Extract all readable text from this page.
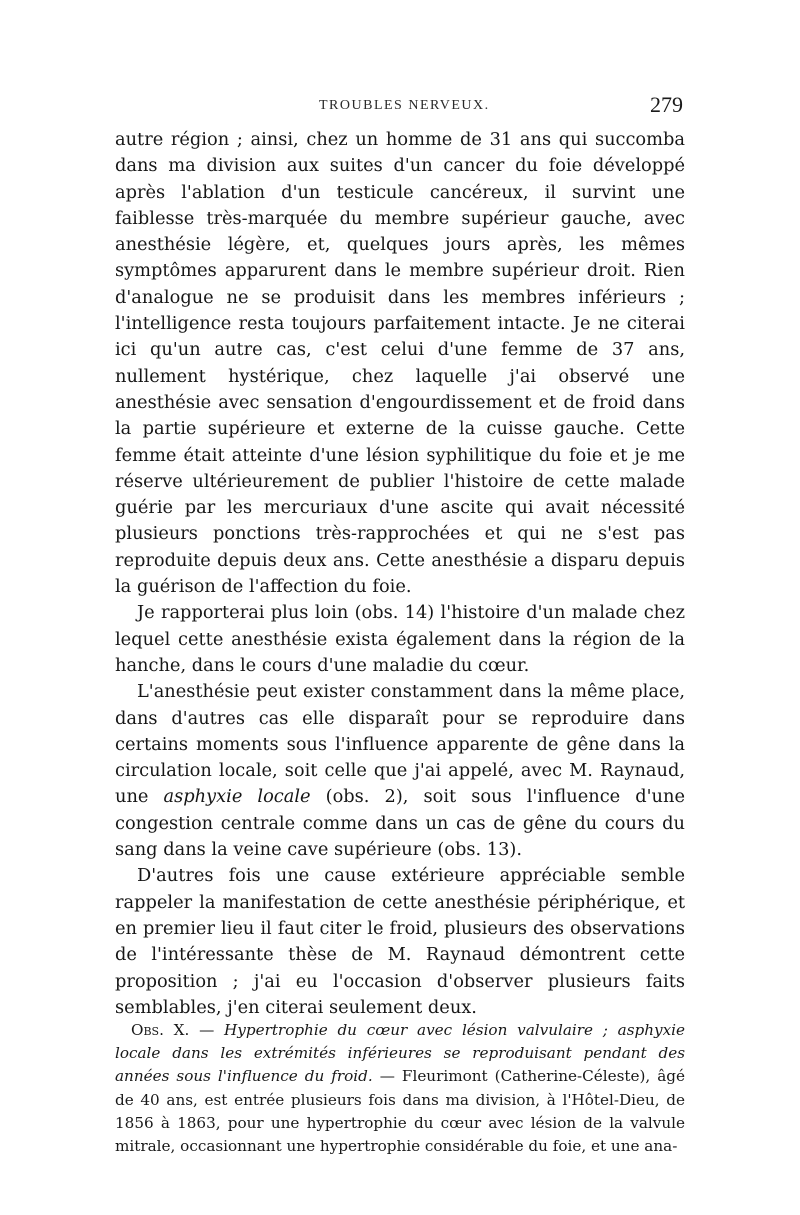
TROUBLES NERVEUX.	279

autre région ; ainsi, chez un homme de 31 ans qui succomba dans ma division aux suites d'un cancer du foie développé après l'ablation d'un testicule cancéreux, il survint une faiblesse très-marquée du membre supérieur gauche, avec anesthésie légère, et, quelques jours après, les mêmes symptômes apparurent dans le membre supérieur droit. Rien d'analogue ne se produisit dans les membres inférieurs ; l'intelligence resta toujours parfaitement intacte. Je ne citerai ici qu'un autre cas, c'est celui d'une femme de 37 ans, nullement hystérique, chez laquelle j'ai observé une anesthésie avec sensation d'engourdissement et de froid dans la partie supérieure et externe de la cuisse gauche. Cette femme était atteinte d'une lésion syphilitique du foie et je me réserve ultérieurement de publier l'histoire de cette malade guérie par les mercuriaux d'une ascite qui avait nécessité plusieurs ponctions très-rapprochées et qui ne s'est pas reproduite depuis deux ans. Cette anesthésie a disparu depuis la guérison de l'affection du foie.

Je rapporterai plus loin (obs. 14) l'histoire d'un malade chez lequel cette anesthésie exista également dans la région de la hanche, dans le cours d'une maladie du cœur.

L'anesthésie peut exister constamment dans la même place, dans d'autres cas elle disparaît pour se reproduire dans certains moments sous l'influence apparente de gêne dans la circulation locale, soit celle que j'ai appelé, avec M. Raynaud, une asphyxie locale (obs. 2), soit sous l'influence d'une congestion centrale comme dans un cas de gêne du cours du sang dans la veine cave supérieure (obs. 13).

D'autres fois une cause extérieure appréciable semble rappeler la manifestation de cette anesthésie périphérique, et en premier lieu il faut citer le froid, plusieurs des observations de l'intéressante thèse de M. Raynaud démontrent cette proposition ; j'ai eu l'occasion d'observer plusieurs faits semblables, j'en citerai seulement deux.

Obs. X. — Hypertrophie du cœur avec lésion valvulaire ; asphyxie locale dans les extrémités inférieures se reproduisant pendant des années sous l'influence du froid. — Fleurimont (Catherine-Céleste), âgé de 40 ans, est entrée plusieurs fois dans ma division, à l'Hôtel-Dieu, de 1856 à 1863, pour une hypertrophie du cœur avec lésion de la valvule mitrale, occasionnant une hypertrophie considérable du foie, et une ana-
